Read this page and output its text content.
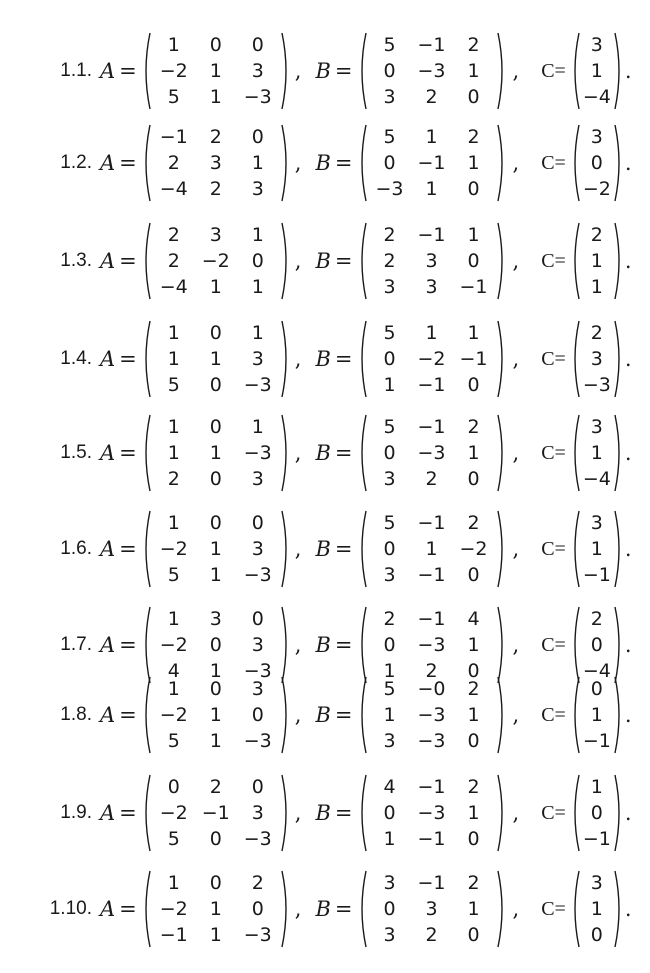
1.1. A =
1 0 0
−2 1 3
5 1 −3
, B =
5 −1 2
0 −3 1
3 2 0
,	C=
3
1
−4
.
1.2. A =
−1 2 0
2 3 1
−4 2 3
, B =
5 1 2
0 −1 1
−3 1 0
,	C=
3
0
−2
.
1.3. A =
2 3 1
2 −2 0
−4 1 1
, B =
2 −1 1
2 3 0
3 3 −1
,	C=
2
1
1
.
1.4. A =
1 0 1
1 1 3
5 0 −3
, B =
5 1 1
0 −2 −1
1 −1 0
,	C=
2
3
−3
.
1.5. A =
1 0 1
1 1 −3
2 0 3
, B =
5 −1 2
0 −3 1
3 2 0
,	C=
3
1
−4
.
1.6. A =
1 0 0
−2 1 3
5 1 −3
, B =
5 −1 2
0 1 −2
3 −1 0
,	C=
3
1
−1
.
1.7. A =
1 3 0
−2 0 3
4 1 −3
, B =
2 −1 4
0 −3 1
1 2 0
,	C=
2
0
−4
.
1.8. A =
1 0 3
−2 1 0
5 1 −3
, B =
5 −0 2
1 −3 1
3 −3 0
,	C=
0
1
−1
.
1.9. A =
0 2 0
−2 −1 3
5 0 −3
, B =
4 −1 2
0 −3 1
1 −1 0
,	C=
1
0
−1
.
1.10. A =
1 0 2
−2 1 0
−1 1 −3
, B =
3 −1 2
0 3 1
3 2 0
,	C=
3
1
0
.
